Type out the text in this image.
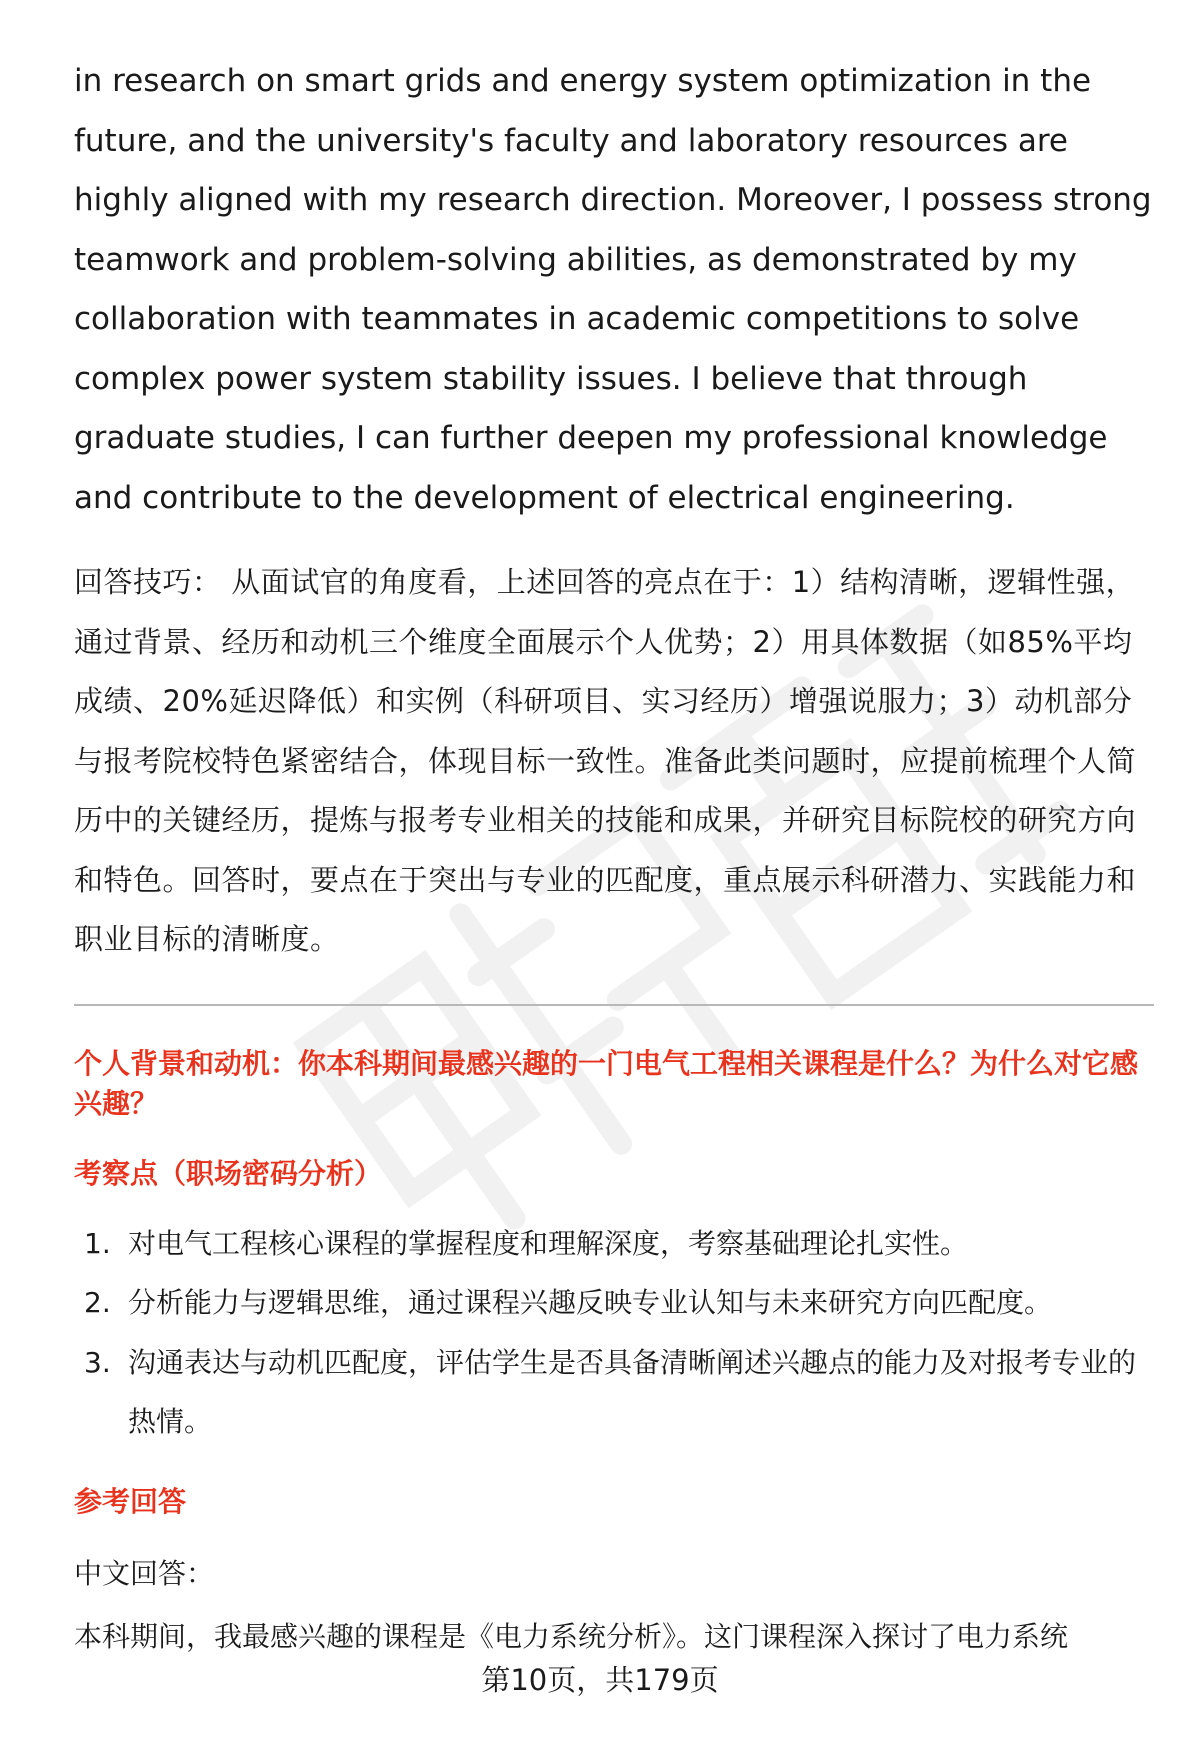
in research on smart grids and energy system optimization in the future, and the university's faculty and laboratory resources are highly aligned with my research direction. Moreover, I possess strong teamwork and problem-solving abilities, as demonstrated by my collaboration with teammates in academic competitions to solve complex power system stability issues. I believe that through graduate studies, I can further deepen my professional knowledge and contribute to the development of electrical engineering.

回答技巧： 从面试官的角度看，上述回答的亮点在于：1）结构清晰，逻辑性强，通过背景、经历和动机三个维度全面展示个人优势；2）用具体数据（如85%平均成绩、20%延迟降低）和实例（科研项目、实习经历）增强说服力；3）动机部分与报考院校特色紧密结合，体现目标一致性。准备此类问题时，应提前梳理个人简历中的关键经历，提炼与报考专业相关的技能和成果，并研究目标院校的研究方向和特色。回答时，要点在于突出与专业的匹配度，重点展示科研潜力、实践能力和职业目标的清晰度。

个人背景和动机：你本科期间最感兴趣的一门电气工程相关课程是什么？为什么对它感兴趣？
考察点（职场密码分析）
1. 对电气工程核心课程的掌握程度和理解深度，考察基础理论扎实性。
2. 分析能力与逻辑思维，通过课程兴趣反映专业认知与未来研究方向匹配度。
3. 沟通表达与动机匹配度，评估学生是否具备清晰阐述兴趣点的能力及对报考专业的热情。
参考回答
中文回答：
本科期间，我最感兴趣的课程是《电力系统分析》。这门课程深入探讨了电力系统
第10页，共179页
